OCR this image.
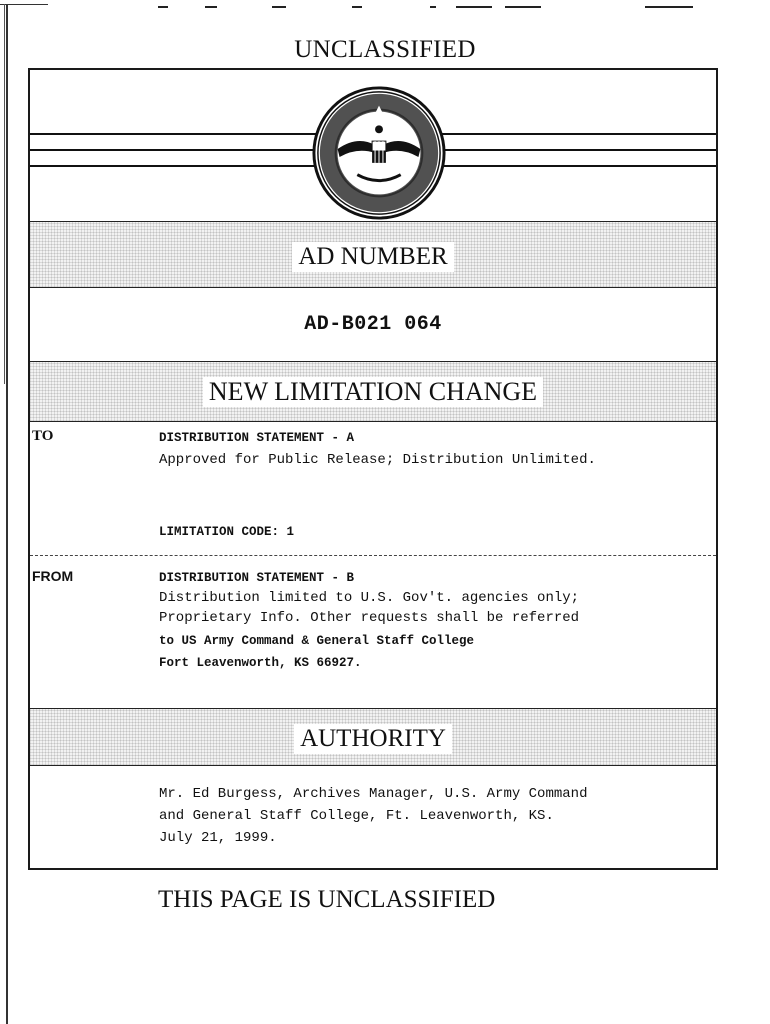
UNCLASSIFIED
AD NUMBER
AD-B021 064
NEW LIMITATION CHANGE
TO	DISTRIBUTION STATEMENT - A
Approved for Public Release; Distribution Unlimited.
LIMITATION CODE: 1
FROM	DISTRIBUTION STATEMENT - B
Distribution limited to U.S. Gov't. agencies only;
Proprietary Info. Other requests shall be referred
to US Army Command & General Staff College
Fort Leavenworth, KS 66927.
AUTHORITY
Mr. Ed Burgess, Archives Manager, U.S. Army Command
and General Staff College, Ft. Leavenworth, KS.
July 21, 1999.
THIS PAGE IS UNCLASSIFIED
